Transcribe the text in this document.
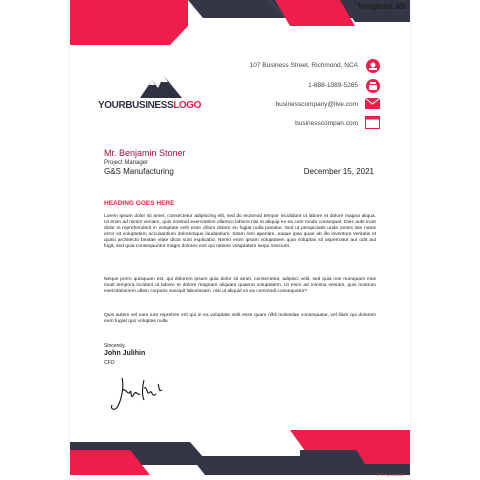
TemplateLAB
YOURBUSINESSLOGO
107 Business Street, Richmond, NCA
1-888-1089-5265
businesscompany@live.com
businesscompan.com
Mr. Benjamin Stoner
Project Manager
G&S Manufacturing	December 15, 2021
HEADING GOES HERE
Lorem ipsum dolor sit amet, consectetur adipiscing elit, sed do eiusmod tempor incididunt ut labore et dolore magna aliqua. Ut enim ad minim veniam, quis nostrud exercitation ullamco laboris nisi ut aliquip ex ea com modo consequat. Duis aute irure dolor in reprehenderit in voluptate velit esse cillum dolore eu fugiat nulla pariatur. Sed ut perspiciatis unde omnis iste natus error sit voluptatem accusantium doloremque laudantium, totam rem aperiam, eaque ipsa quae ab illo inventore veritatis et quasi architecto beatae vitae dicta sunt explicabo. Nemo enim ipsam voluptatem quia voluptas sit aspernatur aut odit aut fugit, sed quia consequuntur magni dolores eos qui ratione voluptatem sequi nesciunt.
Neque porro quisquam est, qui dolorem ipsum quia dolor sit amet, consectetur, adipisci velit, sed quia non numquam eius modi tempora incidunt ut labore et dolore magnam aliquam quaerat voluptatem. Ut enim ad minima veniam, quis nostrum exercitationem ullam corporis suscipit laboriosam, nisi ut aliquid ex ea commodi consequatur?
Quis autem vel eum iure reprehen erit qui in ea voluptate velit esse quam nihil molestiae consequatur, vel illum qui dolorem eum fugiat quo voluptas nulla
Sincerely,
John Julihin
CFO
© TemplateLAB
